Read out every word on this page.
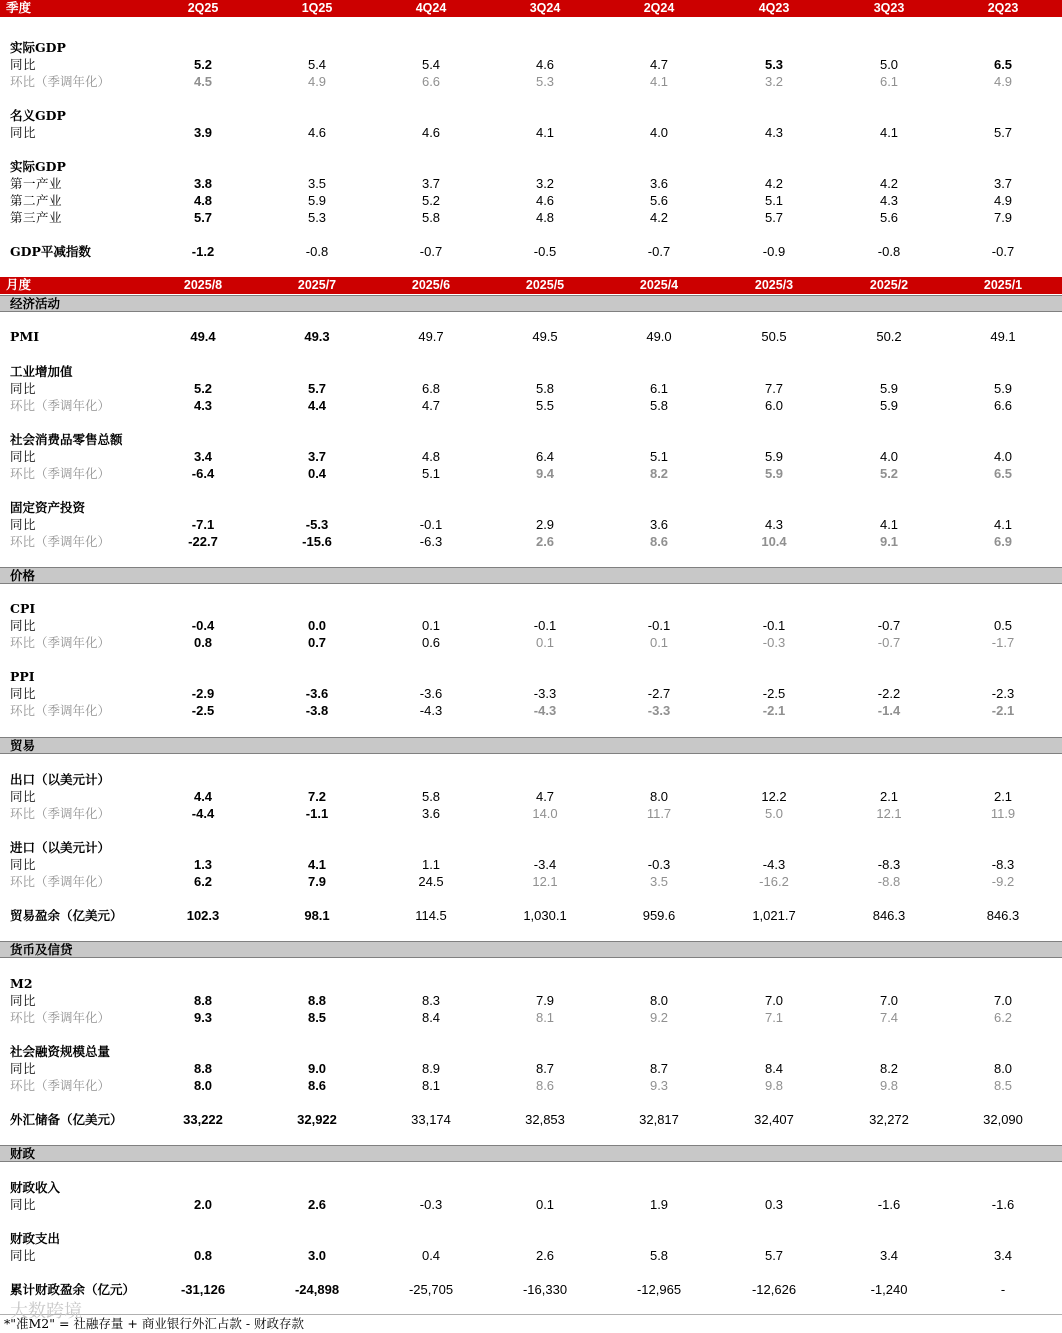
季度	2Q25	1Q25	4Q24	3Q24	2Q24	4Q23	3Q23	2Q23
实际GDP
同比	5.2	5.4	5.4	4.6	4.7	5.3	5.0	6.5
环比（季调年化）	4.5	4.9	6.6	5.3	4.1	3.2	6.1	4.9
名义GDP
同比	3.9	4.6	4.6	4.1	4.0	4.3	4.1	5.7
实际GDP
第一产业	3.8	3.5	3.7	3.2	3.6	4.2	4.2	3.7
第二产业	4.8	5.9	5.2	4.6	5.6	5.1	4.3	4.9
第三产业	5.7	5.3	5.8	4.8	4.2	5.7	5.6	7.9
GDP平减指数	-1.2	-0.8	-0.7	-0.5	-0.7	-0.9	-0.8	-0.7
月度	2025/8	2025/7	2025/6	2025/5	2025/4	2025/3	2025/2	2025/1
经济活动
PMI	49.4	49.3	49.7	49.5	49.0	50.5	50.2	49.1
工业增加值
同比	5.2	5.7	6.8	5.8	6.1	7.7	5.9	5.9
环比（季调年化）	4.3	4.4	4.7	5.5	5.8	6.0	5.9	6.6
社会消费品零售总额
同比	3.4	3.7	4.8	6.4	5.1	5.9	4.0	4.0
环比（季调年化）	-6.4	0.4	5.1	9.4	8.2	5.9	5.2	6.5
固定资产投资
同比	-7.1	-5.3	-0.1	2.9	3.6	4.3	4.1	4.1
环比（季调年化）	-22.7	-15.6	-6.3	2.6	8.6	10.4	9.1	6.9
价格
CPI
同比	-0.4	0.0	0.1	-0.1	-0.1	-0.1	-0.7	0.5
环比（季调年化）	0.8	0.7	0.6	0.1	0.1	-0.3	-0.7	-1.7
PPI
同比	-2.9	-3.6	-3.6	-3.3	-2.7	-2.5	-2.2	-2.3
环比（季调年化）	-2.5	-3.8	-4.3	-4.3	-3.3	-2.1	-1.4	-2.1
贸易
出口（以美元计）
同比	4.4	7.2	5.8	4.7	8.0	12.2	2.1	2.1
环比（季调年化）	-4.4	-1.1	3.6	14.0	11.7	5.0	12.1	11.9
进口（以美元计）
同比	1.3	4.1	1.1	-3.4	-0.3	-4.3	-8.3	-8.3
环比（季调年化）	6.2	7.9	24.5	12.1	3.5	-16.2	-8.8	-9.2
贸易盈余（亿美元）	102.3	98.1	114.5	1,030.1	959.6	1,021.7	846.3	846.3
货币及信贷
M2
同比	8.8	8.8	8.3	7.9	8.0	7.0	7.0	7.0
环比（季调年化）	9.3	8.5	8.4	8.1	9.2	7.1	7.4	6.2
社会融资规模总量
同比	8.8	9.0	8.9	8.7	8.7	8.4	8.2	8.0
环比（季调年化）	8.0	8.6	8.1	8.6	9.3	9.8	9.8	8.5
外汇储备（亿美元）	33,222	32,922	33,174	32,853	32,817	32,407	32,272	32,090
财政
财政收入
同比	2.0	2.6	-0.3	0.1	1.9	0.3	-1.6	-1.6
财政支出
同比	0.8	3.0	0.4	2.6	5.8	5.7	3.4	3.4
累计财政盈余（亿元）	-31,126	-24,898	-25,705	-16,330	-12,965	-12,626	-1,240	-
*"准M2" = 社融存量 + 商业银行外汇占款 - 财政存款
大数跨境
